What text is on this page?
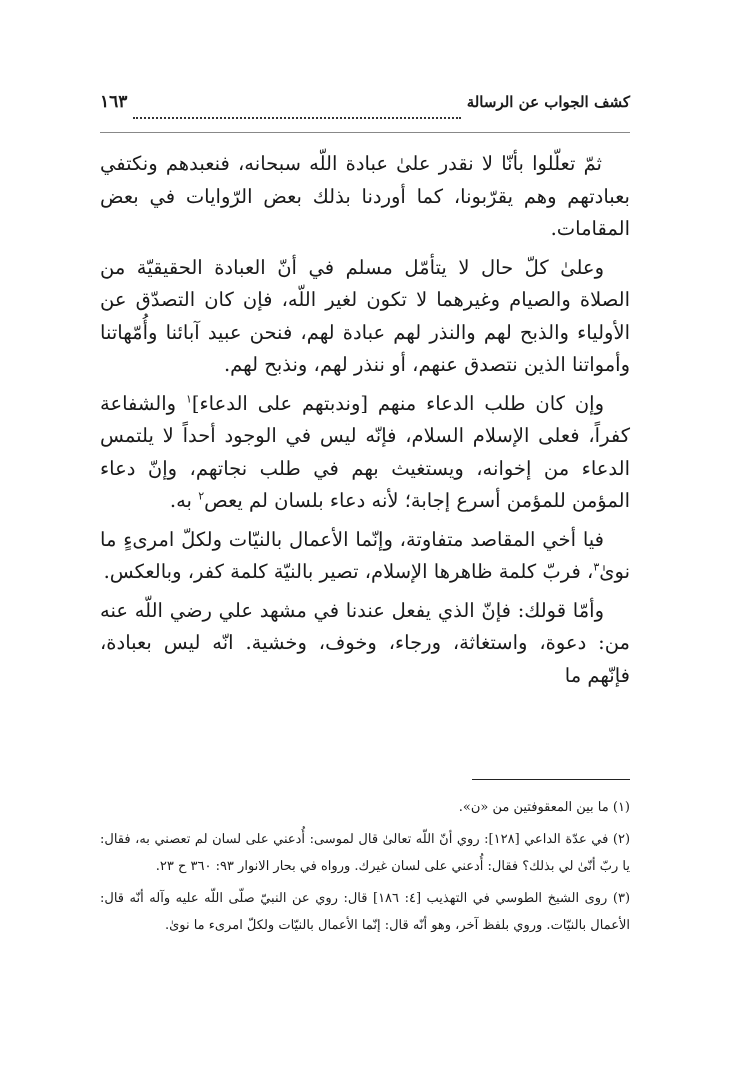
كشف الجواب عن الرسالة
١٦٣

ثمّ تعلّلوا بأنّا لا نقدر علىٰ عبادة اللّه سبحانه، فنعبدهم ونكتفي بعبادتهم وهم يقرّبونا، كما أوردنا بذلك بعض الرّوايات في بعض المقامات.

وعلىٰ كلّ حال لا يتأمّل مسلم في أنّ العبادة الحقيقيّة من الصلاة والصيام وغيرهما لا تكون لغير اللّه، فإن كان التصدّق عن الأولياء والذبح لهم والنذر لهم عبادة لهم، فنحن عبيد آبائنا وأُمّهاتنا وأمواتنا الذين نتصدق عنهم، أو ننذر لهم، ونذبح لهم.

وإن كان طلب الدعاء منهم [وندبتهم على الدعاء]$^١$ والشفاعة كفراً، فعلى الإسلام السلام، فإنّه ليس في الوجود أحداً لا يلتمس الدعاء من إخوانه، ويستغيث بهم في طلب نجاتهم، وإنّ دعاء المؤمن للمؤمن أسرع إجابة؛ لأنه دعاء بلسان لم يعص$^٢$ به.

فيا أخي المقاصد متفاوتة، وإنّما الأعمال بالنيّات ولكلّ امرىءٍ ما نوىٰ$^٣$، فربّ كلمة ظاهرها الإسلام، تصير بالنيّة كلمة كفر، وبالعكس.

وأمّا قولك: فإنّ الذي يفعل عندنا في مشهد علي رضي اللّه عنه من: دعوة، واستغاثة، ورجاء، وخوف، وخشية. انّه ليس بعبادة، فإنّهم ما

(١) ما بين المعقوفتين من «ن».

(٢) في عدّة الداعي [١٢٨]: روي أنّ اللّه تعالىٰ قال لموسى: أُدعني على لسان لم تعصني به، فقال: يا ربّ أنّىٰ لي بذلك؟ فقال: أُدعني على لسان غيرك. ورواه في بحار الانوار ٩٣: ٣٦٠ ح ٢٣.

(٣) روى الشيخ الطوسي في التهذيب [٤: ١٨٦] قال: روي عن النبيّ صلّى اللّه عليه وآله أنّه قال: الأعمال بالنيّات. وروي بلفظ آخر، وهو أنّه قال: إنّما الأعمال بالنيّات ولكلّ امرىء ما نوىٰ.
